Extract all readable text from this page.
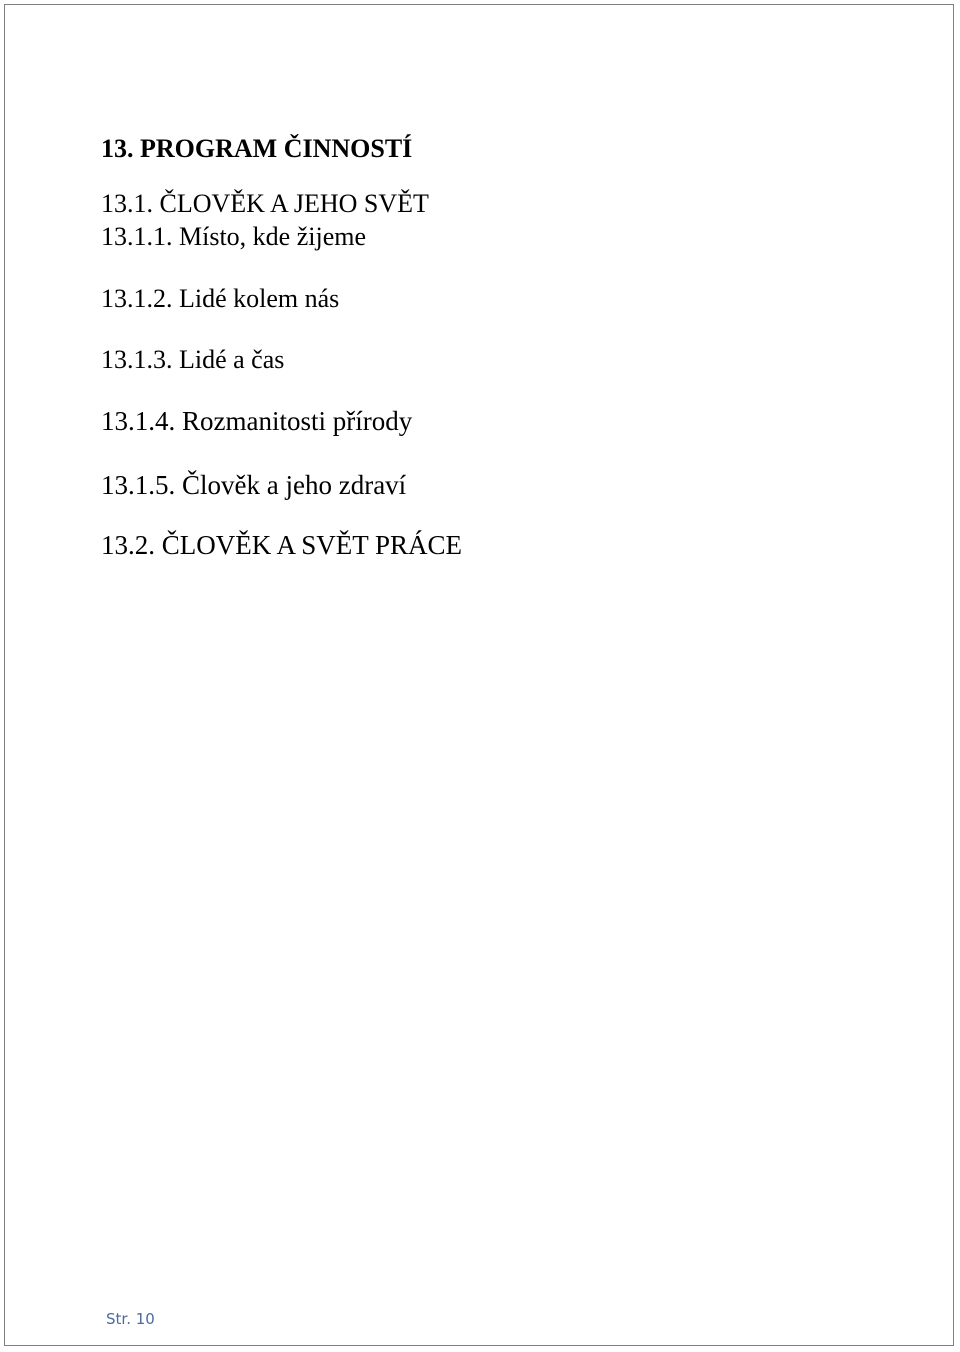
13. PROGRAM ČINNOSTÍ
13.1. ČLOVĚK A JEHO SVĚT
13.1.1. Místo, kde žijeme
13.1.2. Lidé kolem nás
13.1.3. Lidé a čas
13.1.4. Rozmanitosti přírody
13.1.5. Člověk a jeho zdraví
13.2. ČLOVĚK A SVĚT PRÁCE
Str. 10
